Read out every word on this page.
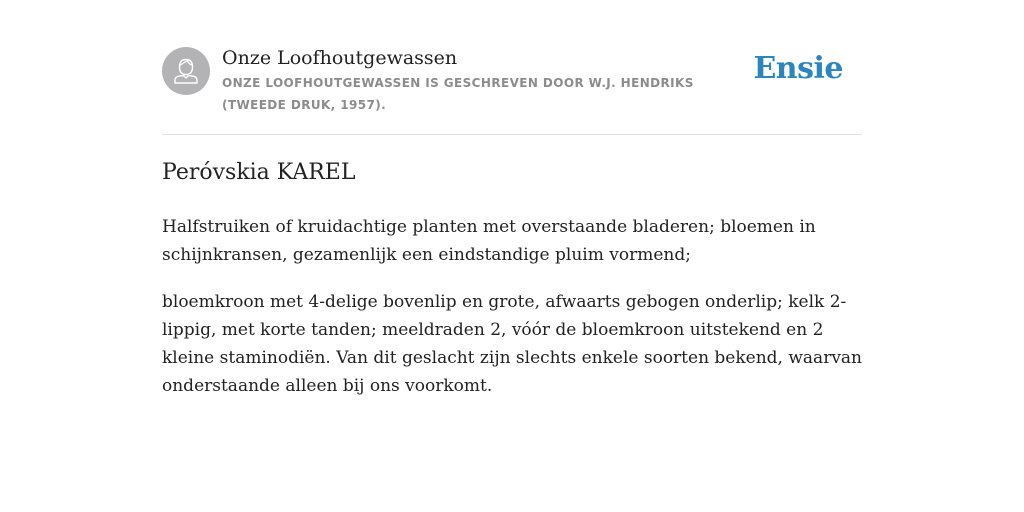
Onze Loofhoutgewassen
ONZE LOOFHOUTGEWASSEN IS GESCHREVEN DOOR W.J. HENDRIKS (TWEEDE DRUK, 1957).
Ensie
Peróvskia KAREL

Halfstruiken of kruidachtige planten met overstaande bladeren; bloemen in schijnkransen, gezamenlijk een eindstandige pluim vormend;

bloemkroon met 4-delige bovenlip en grote, afwaarts gebogen onderlip; kelk 2-lippig, met korte tanden; meeldraden 2, vóór de bloemkroon uitstekend en 2 kleine staminodiën. Van dit geslacht zijn slechts enkele soorten bekend, waarvan onderstaande alleen bij ons voorkomt.
